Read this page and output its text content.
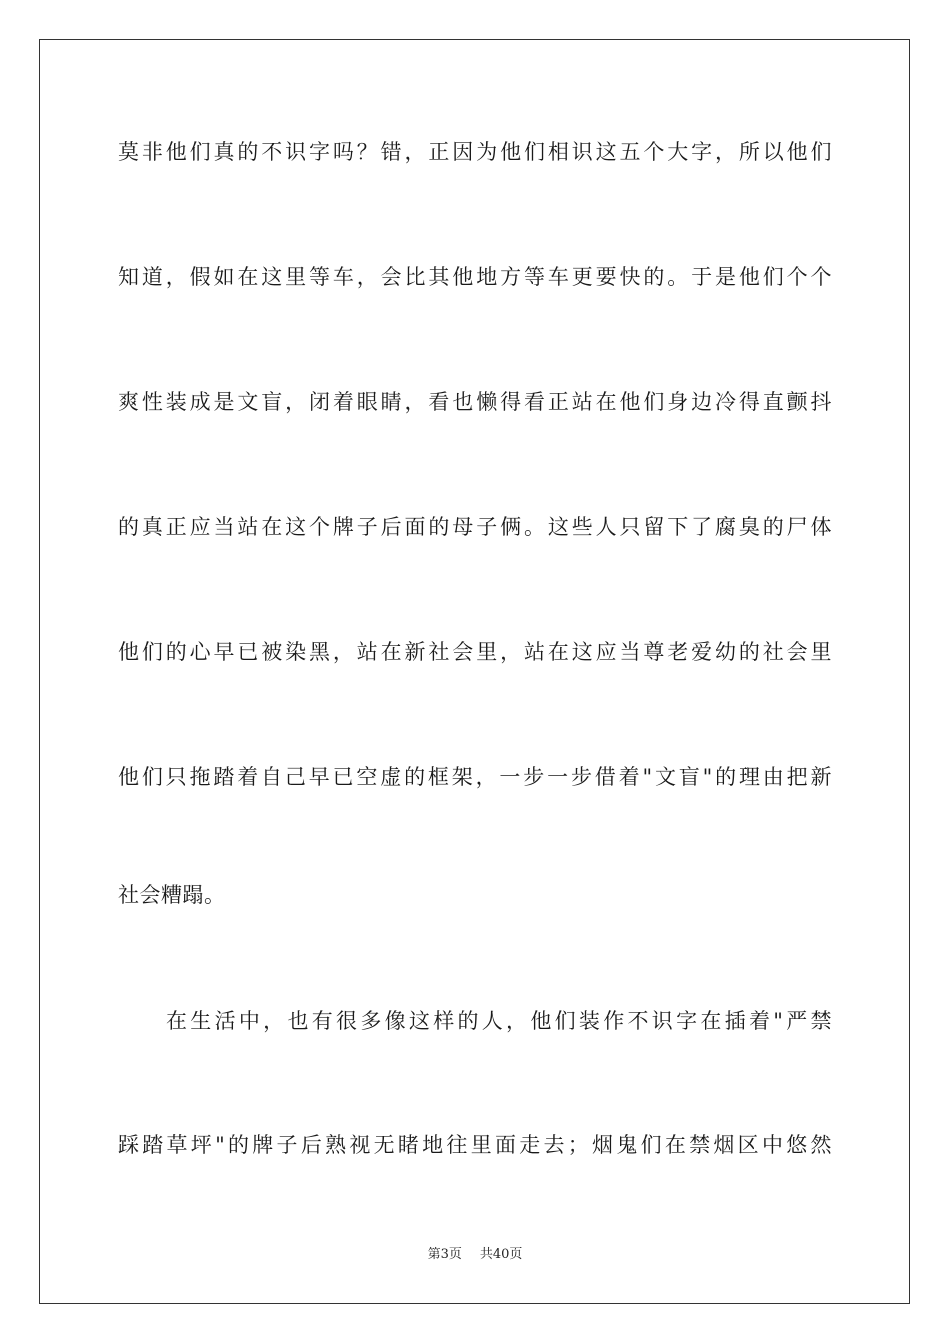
莫非他们真的不识字吗？错，正因为他们相识这五个大字，所以他们
知道，假如在这里等车，会比其他地方等车更要快的。于是他们个个
爽性装成是文盲，闭着眼睛，看也懒得看正站在他们身边冷得直颤抖
的真正应当站在这个牌子后面的母子俩。这些人只留下了腐臭的尸体
他们的心早已被染黑，站在新社会里，站在这应当尊老爱幼的社会里
他们只拖踏着自己早已空虚的框架，一步一步借着"文盲"的理由把新
社会糟蹋。
在生活中，也有很多像这样的人，他们装作不识字在插着"严禁
踩踏草坪"的牌子后熟视无睹地往里面走去；烟鬼们在禁烟区中悠然
第3页 共40页
